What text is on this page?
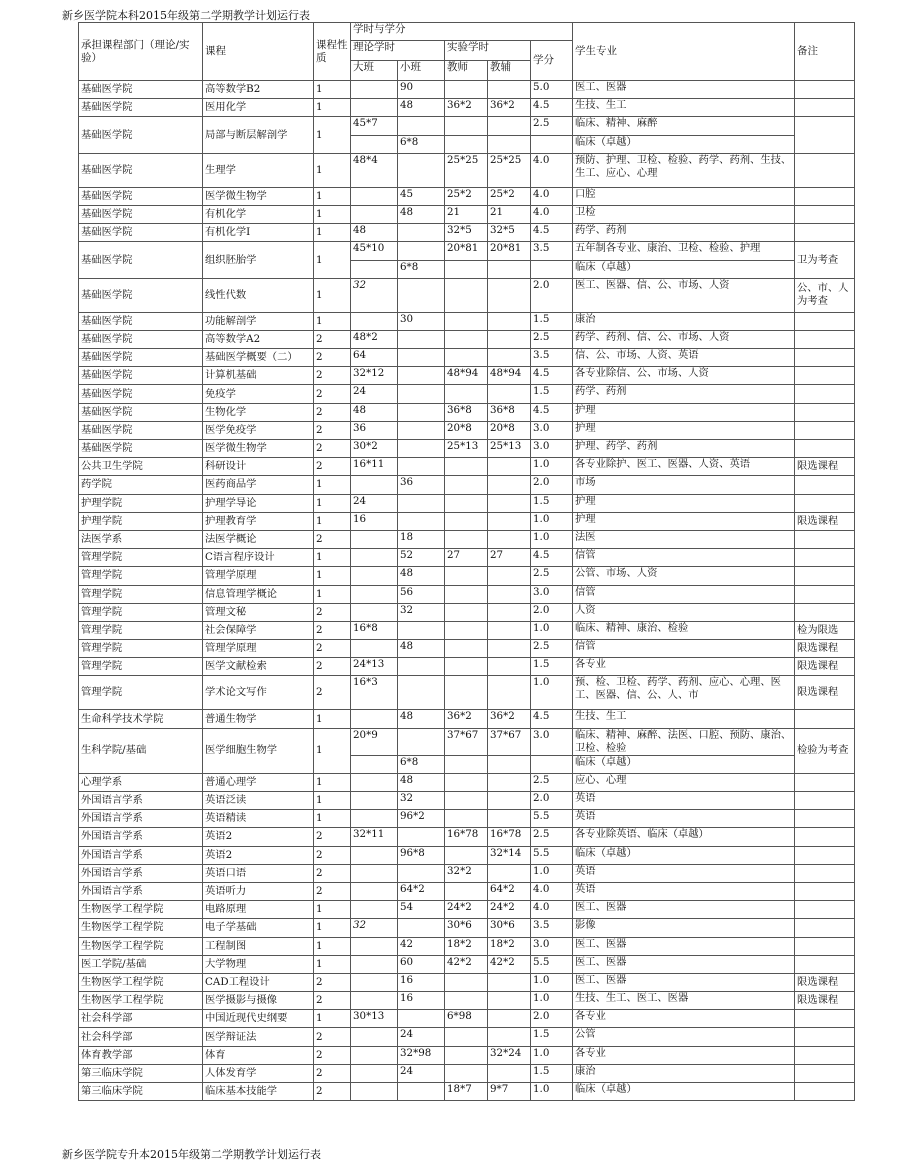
新乡医学院本科2015年级第二学期教学计划运行表
承担课程部门（理论/实验）	课程	课程性质	学时与学分					学生专业	备注
			理论学时		实验学时		学分		
			大班	小班	教师	教辅			
基础医学院	高等数学B2	1		90			5.0	医工、医器	
基础医学院	医用化学	1		48	36*2	36*2	4.5	生技、生工	
基础医学院	局部与断层解剖学	1	45*7				2.5	临床、精神、麻醉	
				6*8				临床（卓越）	
基础医学院	生理学	1	48*4		25*25	25*25	4.0	预防、护理、卫检、检验、药学、药剂、生技、生工、应心、心理	
基础医学院	医学微生物学	1		45	25*2	25*2	4.0	口腔	
基础医学院	有机化学	1		48	21	21	4.0	卫检	
基础医学院	有机化学I	1	48		32*5	32*5	4.5	药学、药剂	
基础医学院	组织胚胎学	1	45*10		20*81	20*81	3.5	五年制各专业、康治、卫检、检验、护理	卫为考查
				6*8				临床（卓越）	
基础医学院	线性代数	1	32				2.0	医工、医器、信、公、市场、人资	公、市、人为考查
基础医学院	功能解剖学	1		30			1.5	康治	
基础医学院	高等数学A2	2	48*2				2.5	药学、药剂、信、公、市场、人资	
基础医学院	基础医学概要（二）	2	64				3.5	信、公、市场、人资、英语	
基础医学院	计算机基础	2	32*12		48*94	48*94	4.5	各专业除信、公、市场、人资	
基础医学院	免疫学	2	24				1.5	药学、药剂	
基础医学院	生物化学	2	48		36*8	36*8	4.5	护理	
基础医学院	医学免疫学	2	36		20*8	20*8	3.0	护理	
基础医学院	医学微生物学	2	30*2		25*13	25*13	3.0	护理、药学、药剂	
公共卫生学院	科研设计	2	16*11				1.0	各专业除护、医工、医器、人资、英语	限选课程
药学院	医药商品学	1		36			2.0	市场	
护理学院	护理学导论	1	24				1.5	护理	
护理学院	护理教育学	1	16				1.0	护理	限选课程
法医学系	法医学概论	2		18			1.0	法医	
管理学院	C语言程序设计	1		52	27	27	4.5	信管	
管理学院	管理学原理	1		48			2.5	公管、市场、人资	
管理学院	信息管理学概论	1		56			3.0	信管	
管理学院	管理文秘	2		32			2.0	人资	
管理学院	社会保障学	2	16*8				1.0	临床、精神、康治、检验	检为限选
管理学院	管理学原理	2		48			2.5	信管	限选课程
管理学院	医学文献检索	2	24*13				1.5	各专业	限选课程
管理学院	学术论文写作	2	16*3				1.0	预、检、卫检、药学、药剂、应心、心理、医工、医器、信、公、人、市	限选课程
生命科学技术学院	普通生物学	1		48	36*2	36*2	4.5	生技、生工	
生科学院/基础	医学细胞生物学	1	20*9		37*67	37*67	3.0	临床、精神、麻醉、法医、口腔、预防、康治、卫检、检验	检验为考查
				6*8				临床（卓越）	
心理学系	普通心理学	1		48			2.5	应心、心理	
外国语言学系	英语泛读	1		32			2.0	英语	
外国语言学系	英语精读	1		96*2			5.5	英语	
外国语言学系	英语2	2	32*11		16*78	16*78	2.5	各专业除英语、临床（卓越）	
外国语言学系	英语2	2		96*8		32*14	5.5	临床（卓越）	
外国语言学系	英语口语	2			32*2		1.0	英语	
外国语言学系	英语听力	2		64*2		64*2	4.0	英语	
生物医学工程学院	电路原理	1		54	24*2	24*2	4.0	医工、医器	
生物医学工程学院	电子学基础	1	32		30*6	30*6	3.5	影像	
生物医学工程学院	工程制图	1		42	18*2	18*2	3.0	医工、医器	
医工学院/基础	大学物理	1		60	42*2	42*2	5.5	医工、医器	
生物医学工程学院	CAD工程设计	2		16			1.0	医工、医器	限选课程
生物医学工程学院	医学摄影与摄像	2		16			1.0	生技、生工、医工、医器	限选课程
社会科学部	中国近现代史纲要	1	30*13		6*98		2.0	各专业	
社会科学部	医学辩证法	2		24			1.5	公管	
体育教学部	体育	2		32*98		32*24	1.0	各专业	
第三临床学院	人体发育学	2		24			1.5	康治	
第三临床学院	临床基本技能学	2			18*7	9*7	1.0	临床（卓越）	
新乡医学院专升本2015年级第二学期教学计划运行表
